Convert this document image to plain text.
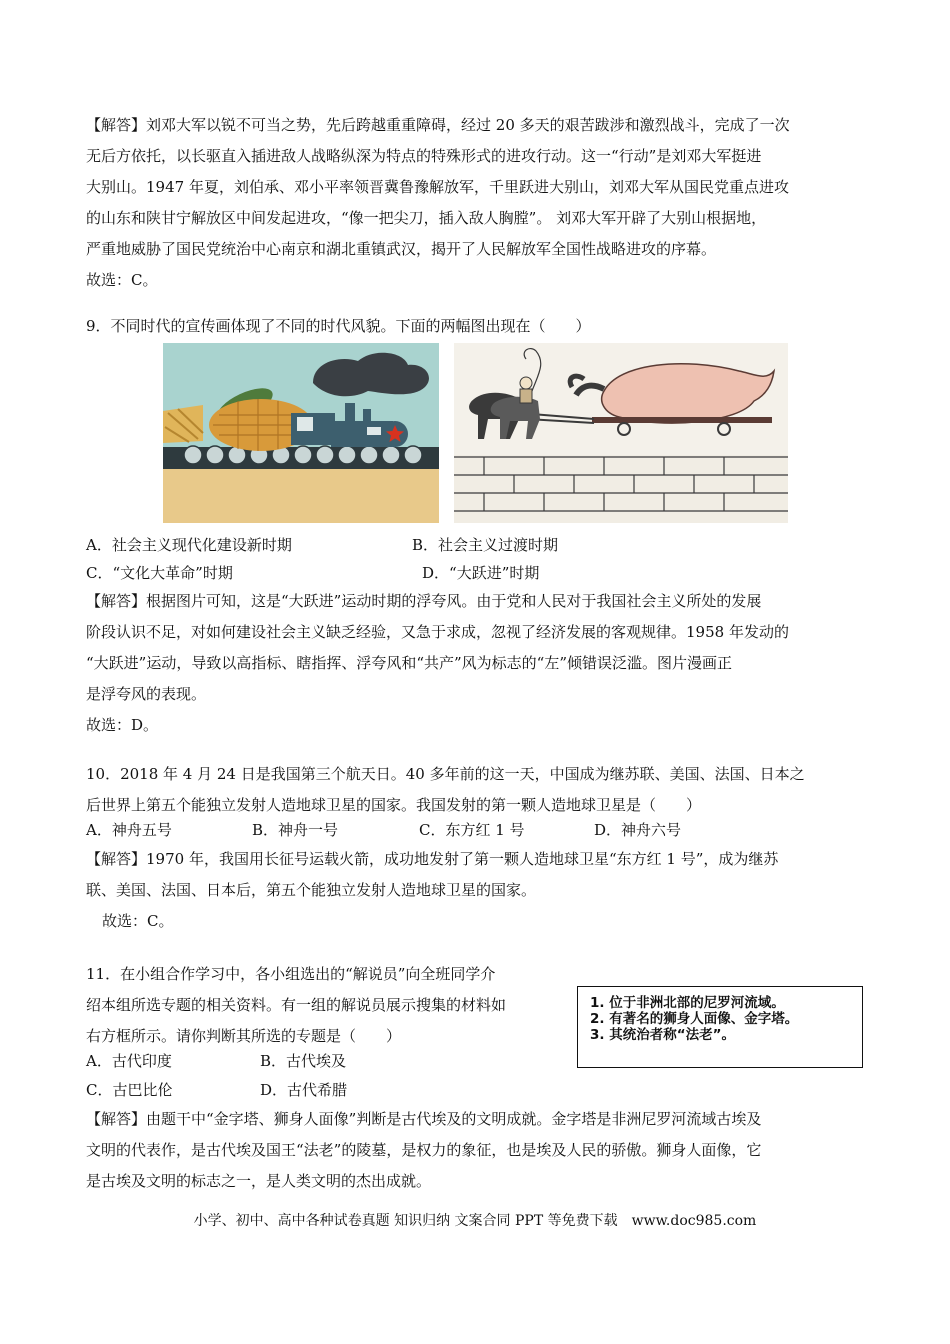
【解答】刘邓大军以锐不可当之势，先后跨越重重障碍，经过 20 多天的艰苦跋涉和激烈战斗，完成了一次
无后方依托，以长驱直入插进敌人战略纵深为特点的特殊形式的进攻行动。这一“行动”是刘邓大军挺进
大别山。1947 年夏，刘伯承、邓小平率领晋冀鲁豫解放军，千里跃进大别山，刘邓大军从国民党重点进攻
的山东和陕甘宁解放区中间发起进攻，“像一把尖刀，插入敌人胸膛”。 刘邓大军开辟了大别山根据地，
严重地威胁了国民党统治中心南京和湖北重镇武汉，揭开了人民解放军全国性战略进攻的序幕。
故选：C。
9．不同时代的宣传画体现了不同的时代风貌。下面的两幅图出现在（　　）
A．社会主义现代化建设新时期	B．社会主义过渡时期
C．“文化大革命”时期	D．“大跃进”时期
【解答】根据图片可知，这是“大跃进”运动时期的浮夸风。由于党和人民对于我国社会主义所处的发展
阶段认识不足，对如何建设社会主义缺乏经验，又急于求成，忽视了经济发展的客观规律。1958 年发动的
“大跃进”运动，导致以高指标、瞎指挥、浮夸风和“共产”风为标志的“左”倾错误泛滥。图片漫画正
是浮夸风的表现。
故选：D。
10．2018 年 4 月 24 日是我国第三个航天日。40 多年前的这一天，中国成为继苏联、美国、法国、日本之
后世界上第五个能独立发射人造地球卫星的国家。我国发射的第一颗人造地球卫星是（　　）
A．神舟五号	B．神舟一号	C．东方红 1 号	D．神舟六号
【解答】1970 年，我国用长征号运载火箭，成功地发射了第一颗人造地球卫星“东方红 1 号”，成为继苏
联、美国、法国、日本后，第五个能独立发射人造地球卫星的国家。
故选：C。
11．在小组合作学习中，各小组选出的“解说员”向全班同学介
绍本组所选专题的相关资料。有一组的解说员展示搜集的材料如
右方框所示。请你判断其所选的专题是（　　）
1. 位于非洲北部的尼罗河流域。
2. 有著名的狮身人面像、金字塔。
3. 其统治者称“法老”。
A．古代印度	B．古代埃及
C．古巴比伦	D．古代希腊
【解答】由题干中“金字塔、狮身人面像”判断是古代埃及的文明成就。金字塔是非洲尼罗河流域古埃及
文明的代表作，是古代埃及国王“法老”的陵墓，是权力的象征，也是埃及人民的骄傲。狮身人面像，它
是古埃及文明的标志之一，是人类文明的杰出成就。
小学、初中、高中各种试卷真题 知识归纳 文案合同 PPT 等免费下载　www.doc985.com
